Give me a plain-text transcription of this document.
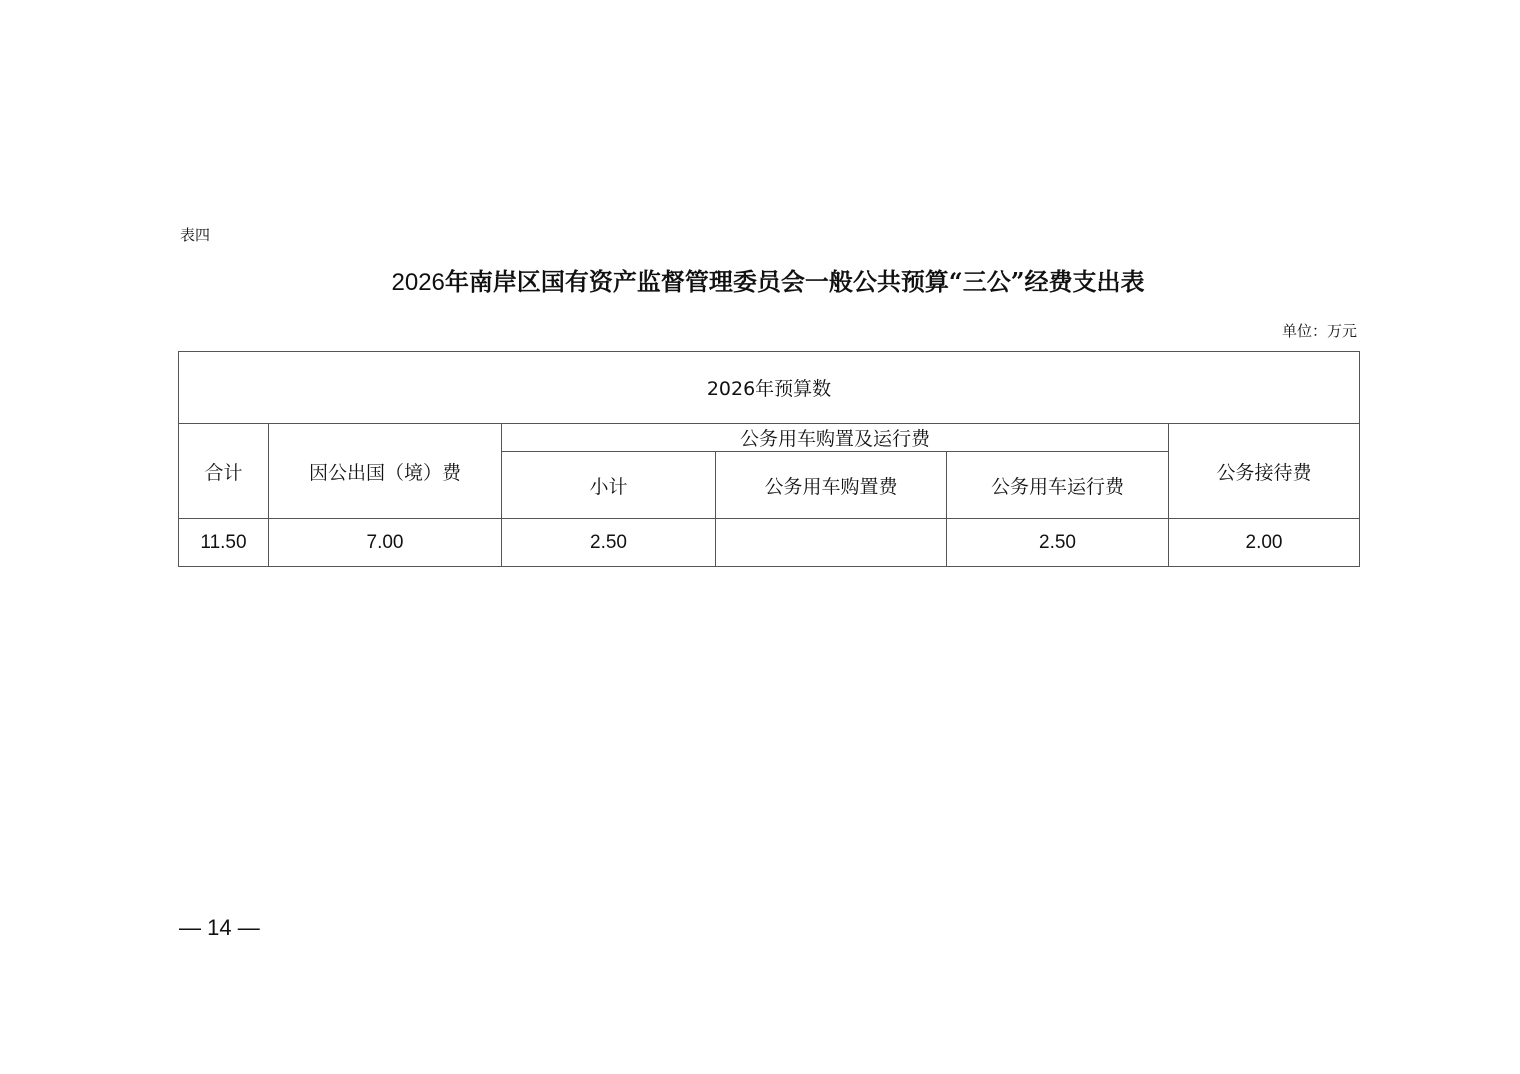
表四
2026年南岸区国有资产监督管理委员会一般公共预算“三公”经费支出表
单位：万元
2026年预算数					
合计	因公出国（境）费	公务用车购置及运行费			公务接待费
		小计	公务用车购置费	公务用车运行费	
11.50	7.00	2.50		2.50	2.00
— 14 —
